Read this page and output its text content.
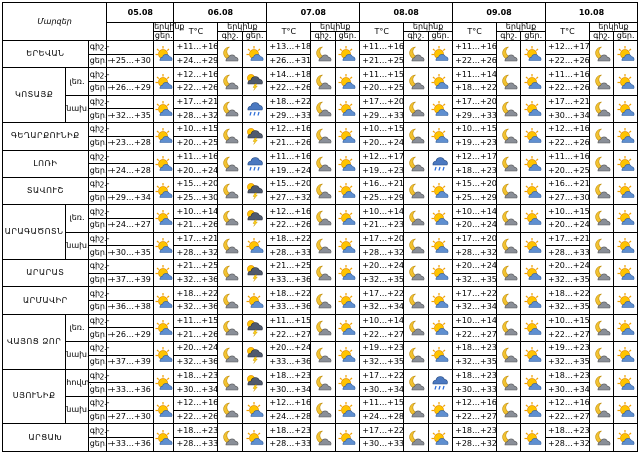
Մարզեր			05.08		06.08			07.08			08.08			09.08			10.08		
				երկինք	T°C	երկինք		T°C	երկինք		T°C	երկինք		T°C	երկինք		T°C	երկինք	
				ցեր.		գիշ.	ցեր.		գիշ.	ցեր.		գիշ.	ցեր.		գիշ.	ցեր.		գիշ.	ցեր.
ԵՐԵՎԱՆ		գիշ.-			+11…+16			+13…+18			+11…+16			+11…+16			+12…+17	

		ցեր.-	+25…+30		+24…+29			+26…+31			+21…+25			+22…+26			+22…+26		
ԿՈՏԱՅՔ	լեռ.	գիշ.-			+12…+16			+14…+18			+11…+15			+11…+14			+11…+16	

		ցեր.-	+26…+29		+22…+26			+22…+26			+20…+25			+18…+22			+22…+26		
	նախ.	գիշ.-			+17…+21			+18…+22			+17…+20			+17…+20			+17…+21	

		ցեր.-	+32…+35		+28…+32			+29…+33			+29…+33			+29…+33			+30…+34		
ԳԵՂԱՐՔՈՒՆԻՔ		գիշ.-			+10…+15			+12…+16			+10…+15			+10…+15			+12…+16	

		ցեր.-	+23…+28		+20…+25			+21…+26			+20…+24			+19…+23			+22…+26		
ԼՈՌԻ		գիշ.-			+11…+16			+11…+16			+12…+17			+12…+17			+11…+16	

		ցեր.-	+24…+28		+20…+24			+19…+24			+19…+23			+18…+23			+20…+25		
ՏԱՎՈՒՇ		գիշ.-			+15…+20			+15…+20			+16…+21			+15…+20			+16…+21	

		ցեր.-	+29…+34		+25…+30			+27…+32			+25…+29			+25…+29			+27…+30		
ԱՐԱԳԱԾՈՏՆ	լեռ.	գիշ.-			+10…+14			+12…+16			+10…+14			+10…+14			+10…+15	

		ցեր.-	+24…+27		+21…+26			+22…+26			+21…+23			+20…+24			+20…+24		
	նախ.	գիշ.-			+17…+21			+18…+22			+17…+20			+17…+20			+17…+21	

		ցեր.-	+30…+35		+28…+32			+28…+33			+28…+32			+28…+32			+28…+33		
ԱՐԱՐԱՏ		գիշ.-			+21…+25			+21…+25			+20…+24			+20…+24			+20…+24	

		ցեր.-	+37…+39		+32…+36			+33…+36			+32…+35			+32…+35			+32…+35		
ԱՐՄԱՎԻՐ		գիշ.-			+18…+22			+18…+22			+17…+22			+17…+22			+18…+22	

		ցեր.-	+36…+38		+32…+36			+33…+36			+32…+34			+32…+34			+32…+35		
ՎԱՅՈՑ ՁՈՐ	լեռ.	գիշ.-			+11…+15			+11…+15			+10…+14			+10…+14			+10…+15	

		ցեր.-	+26…+29		+21…+26			+22…+27			+22…+27			+22…+27			+22…+27		
	նախ.	գիշ.-			+20…+24			+20…+24			+19…+23			+18…+23			+19…+23	

		ցեր.-	+37…+39		+32…+36			+33…+36			+32…+35			+32…+35			+32…+35		
ՍՅՈՒՆԻՔ	հովտ.	գիշ.-			+18…+23			+18…+23			+17…+22			+18…+23			+18…+23	

		ցեր.-	+33…+36		+30…+34			+30…+34			+30…+34			+30…+33			+30…+34		
	նախ.	գիշ.-			+12…+16			+12…+16			+11…+15			+12…+16			+12…+16	

		ցեր.-	+27…+30		+22…+26			+24…+28			+24…+28			+22…+27			+22…+27		
ԱՐՑԱԽ		գիշ.-			+18…+23			+18…+23			+17…+22			+18…+23			+18…+23	

		ցեր.-	+33…+36		+28…+33			+28…+33			+30…+33			+28…+32			+28…+32		
